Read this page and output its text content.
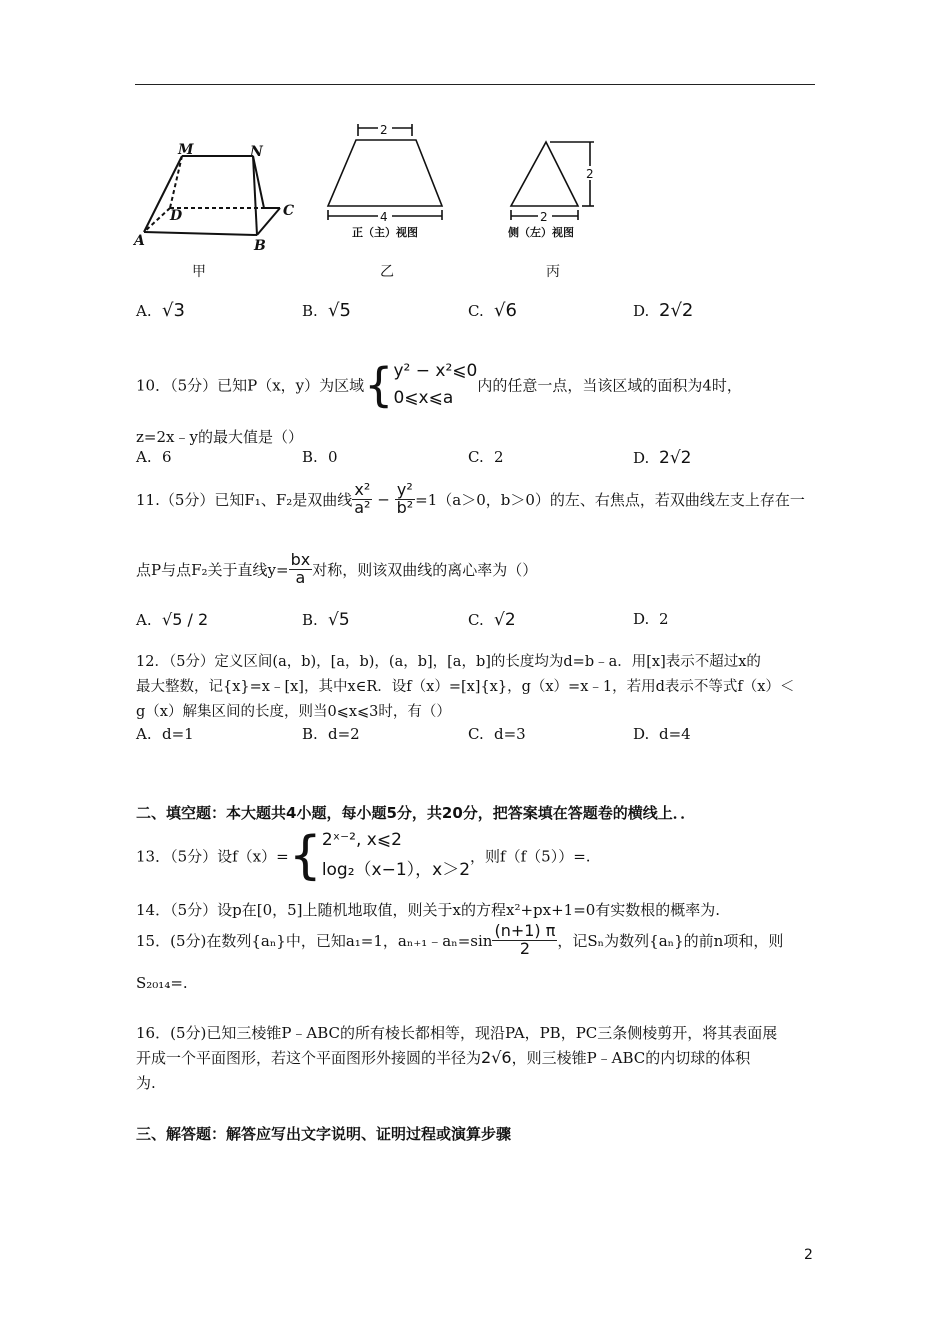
M	N
D	C
A	B
甲
2
4
正（主）视图
乙
2
2
侧（左）视图
丙
A. √3	B. √5	C. √6	D. 2√2
10．（5分）已知P（x，y）为区域{ y² − x²⩽0
0⩽x⩽a
内的任意一点，当该区域的面积为4时，
z=2x﹣y的最大值是（）
A. 6	B. 0	C. 2	D. 2√2
11.（5分）已知F₁、F₂是双曲线 $\frac{\text{x²}}{\text{a²}} - \frac{\text{y²}}{\text{b²}} =1(a>0$，b＞0）的左、右焦点，若双曲线左支上存在一
点P与点F₂关于直线$y= \frac{bx}{a}$ 对称，则该双曲线的离心率为（）
A. √5 / 2	B. √5	C. √2	D. 2
12．（5分）定义区间(a，b)，[a，b)，(a，b]，[a，b]的长度均为d=b﹣a．用[x]表示不超过x的
最大整数，记{x}=x﹣[x]，其中x∈R．设f（x）=[x]{x}，g（x）=x﹣1，若用d表示不等式f（x）＜
g（x）解集区间的长度，则当0⩽x⩽3时，有（）
A. d=1	B. d=2	C. d=3	D. d=4
二、填空题：本大题共4小题，每小题5分，共20分，把答案填在答题卷的横线上．．
13．（5分）设f（x）={ 2ˣ⁻², x⩽2
log₂（x−1），x＞2
，则f（f（5））=.
14．（5分）设p在[0，5]上随机地取值，则关于x的方程x²+px+1=0有实数根的概率为.
15．(5分)在数列{aₙ}中，已知a₁=1，aₙ₊₁﹣aₙ=sin $\frac{(n+1) \pi}{2}$ ，记Sₙ为数列{aₙ}的前n项和，则
S₂₀₁₄=.
16．(5分)已知三棱锥P﹣ABC的所有棱长都相等，现沿PA，PB，PC三条侧棱剪开，将其表面展
开成一个平面图形，若这个平面图形外接圆的半径为2√6，则三棱锥P﹣ABC的内切球的体积
为.
三、解答题：解答应写出文字说明、证明过程或演算步骤
2
